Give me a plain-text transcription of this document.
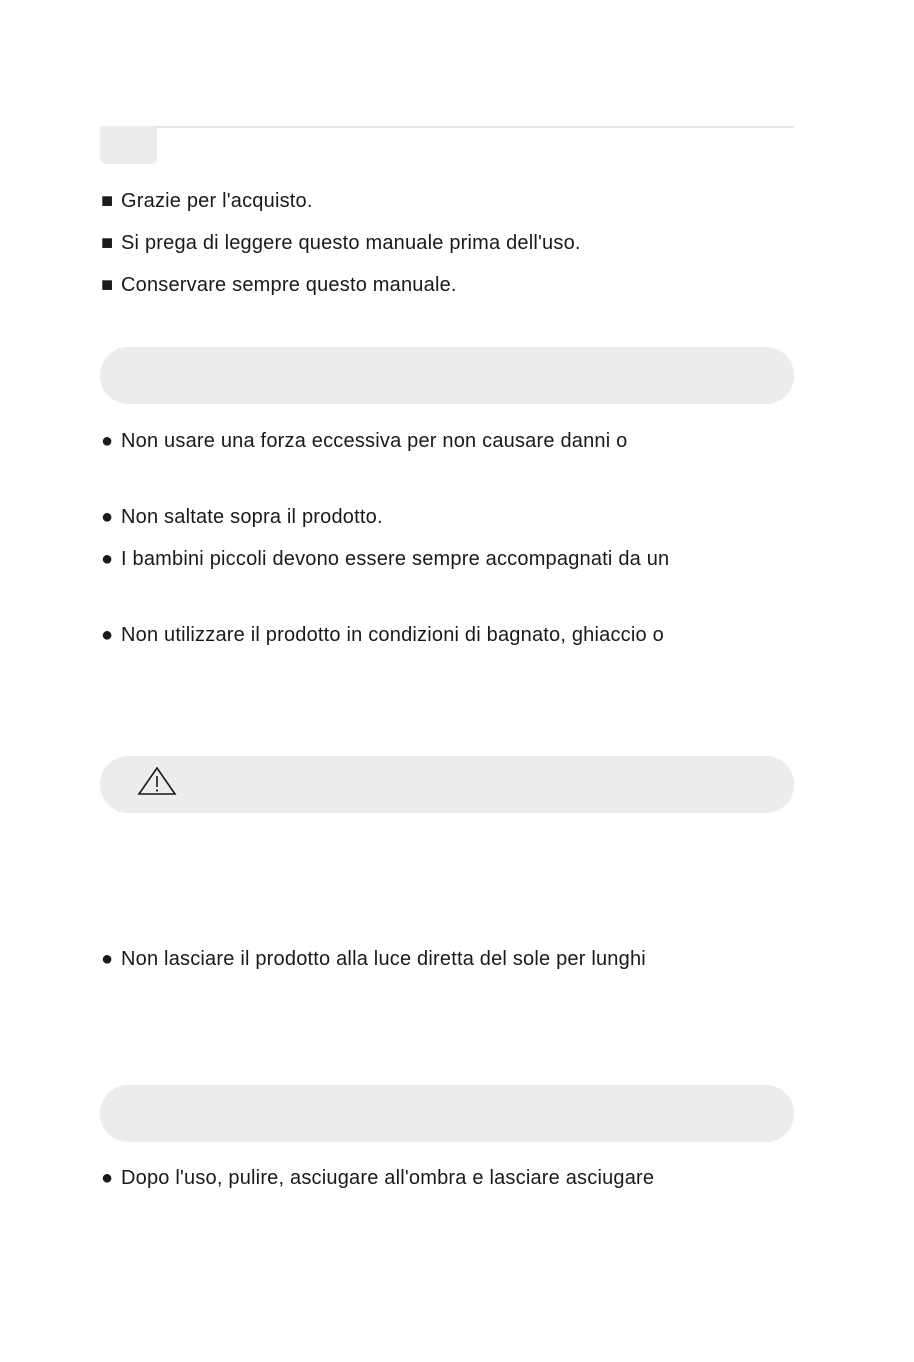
■ Grazie per l'acquisto.
■ Si prega di leggere questo manuale prima dell'uso.
■ Conservare sempre questo manuale.
● Non usare una forza eccessiva per non causare danni o
● Non saltate sopra il prodotto.
● I bambini piccoli devono essere sempre accompagnati da un
● Non utilizzare il prodotto in condizioni di bagnato, ghiaccio o
● Non lasciare il prodotto alla luce diretta del sole per lunghi
● Dopo l'uso, pulire, asciugare all'ombra e lasciare asciugare
